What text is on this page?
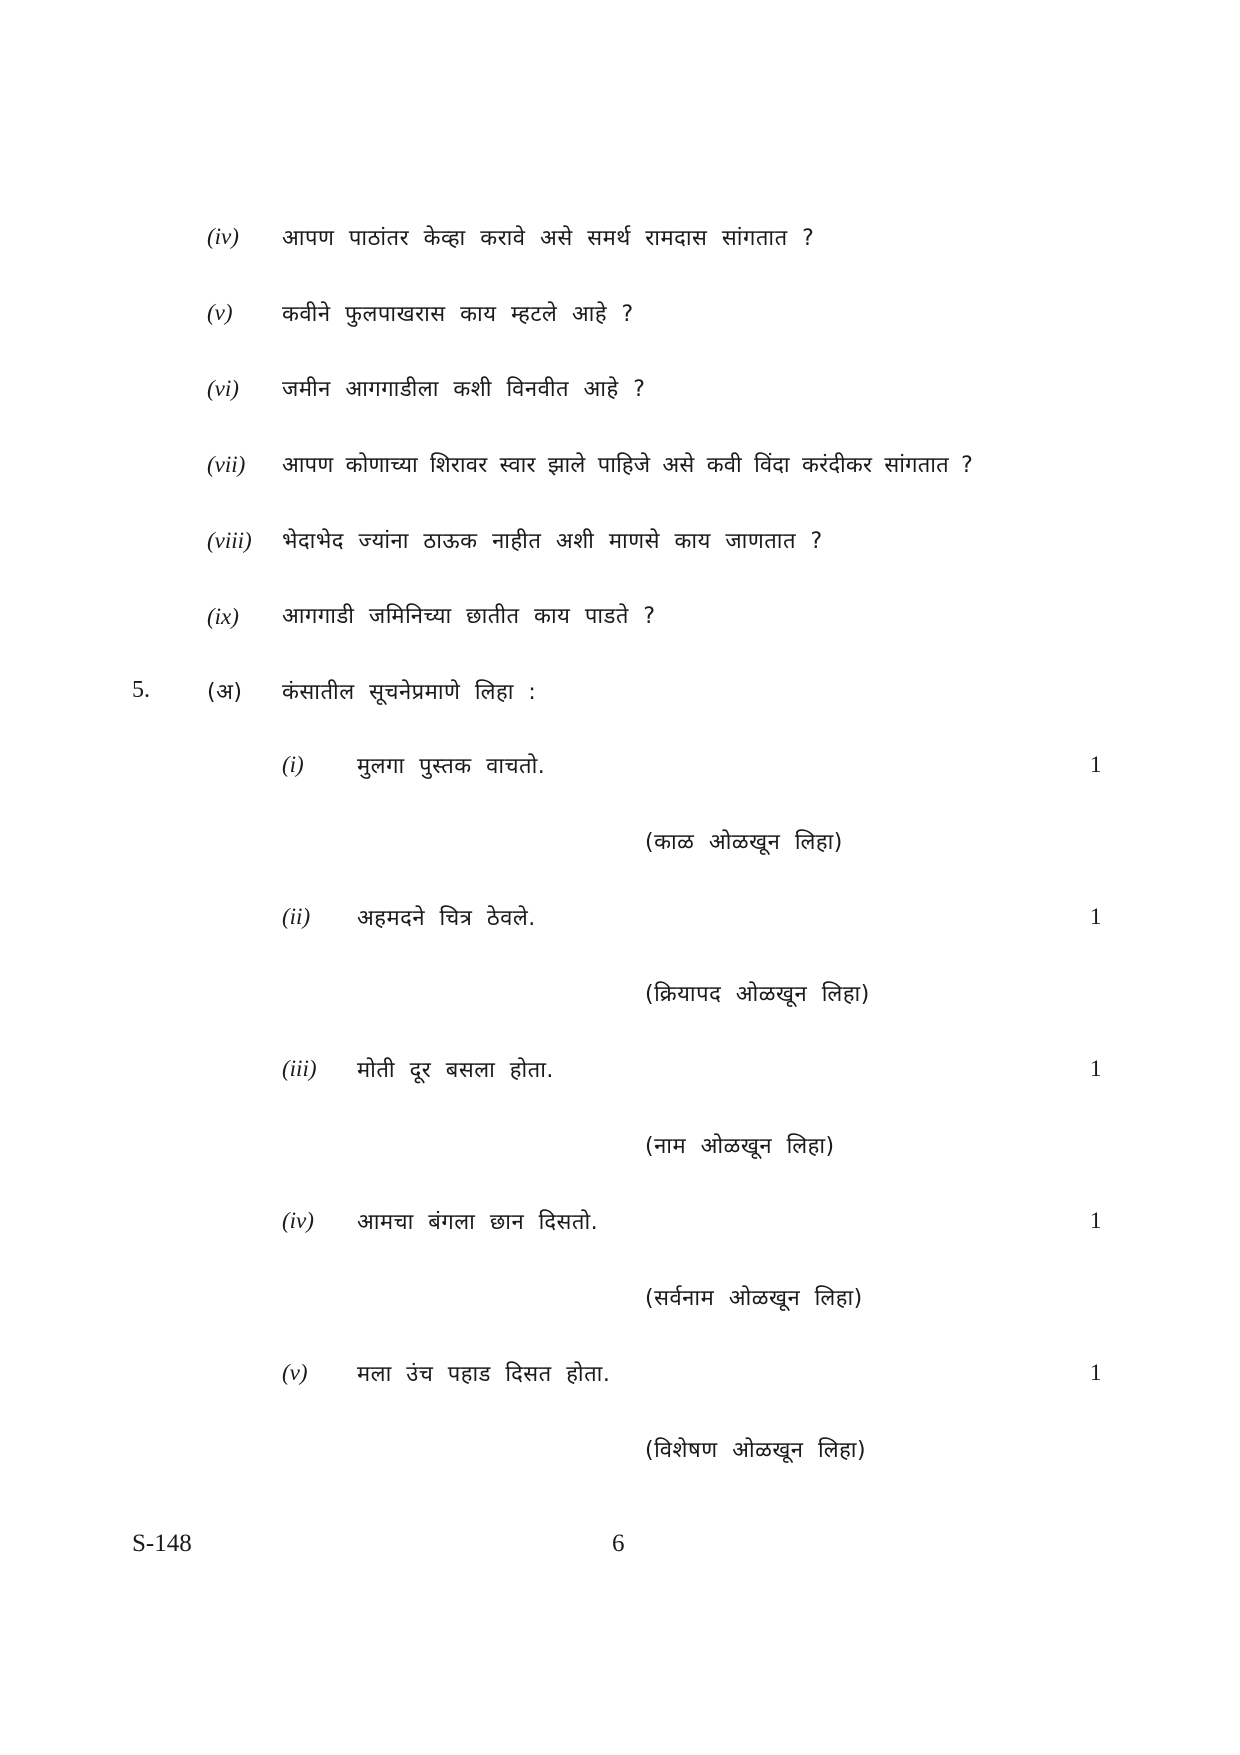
(iv) आपण पाठांतर केव्हा करावे असे समर्थ रामदास सांगतात ?
(v) कवीने फुलपाखरास काय म्हटले आहे ?
(vi) जमीन आगगाडीला कशी विनवीत आहे ?
(vii) आपण कोणाच्या शिरावर स्वार झाले पाहिजे असे कवी विंदा करंदीकर सांगतात ?
(viii) भेदाभेद ज्यांना ठाऊक नाहीत अशी माणसे काय जाणतात ?
(ix) आगगाडी जमिनिच्या छातीत काय पाडते ?
5.	(अ) कंसातील सूचनेप्रमाणे लिहा :
(i) मुलगा पुस्तक वाचतो.	1
(काळ ओळखून लिहा)
(ii) अहमदने चित्र ठेवले.	1
(क्रियापद ओळखून लिहा)
(iii) मोती दूर बसला होता.	1
(नाम ओळखून लिहा)
(iv) आमचा बंगला छान दिसतो.	1
(सर्वनाम ओळखून लिहा)
(v) मला उंच पहाड दिसत होता.	1
(विशेषण ओळखून लिहा)
S-148	6
